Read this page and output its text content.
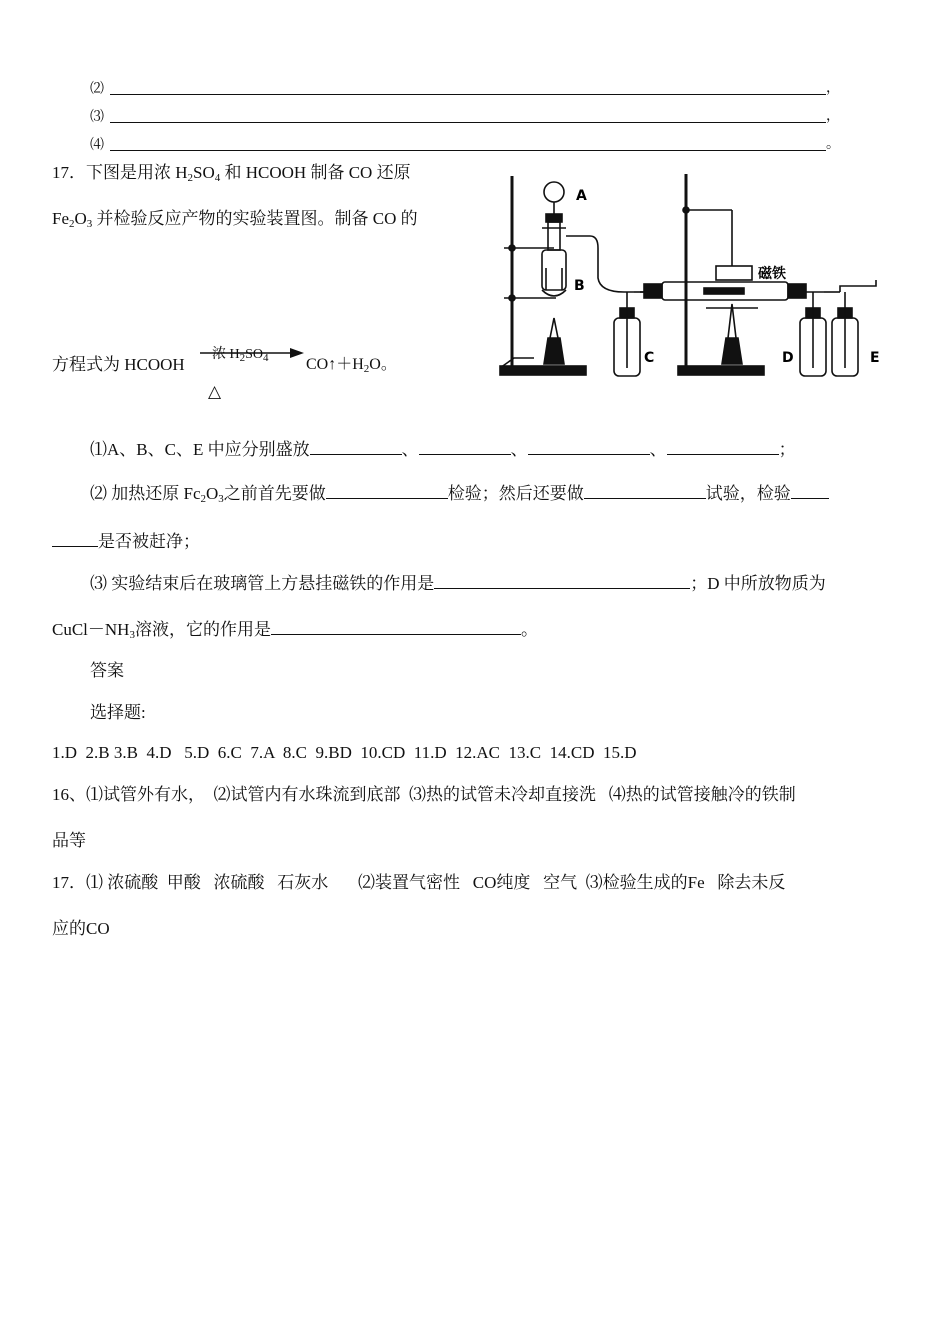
⑵	，
⑶	，
⑷	。
17．下图是用浓 $H_2SO_4$ 和 HCOOH 制备 CO 还原
$Fe_2O_3$ 并检验反应产物的实验装置图。制备 CO 的
方程式为 HCOOH
浓 $H_2SO_4$
△
$CO↑+H_2O$。
A
B
C
磁铁
D	E
⑴A、B、C、E 中应分别盛放	、	、	、	；
⑵ 加热还原 $Fc_2O_3$之前首先要做	检验；然后还要做	试验，检验
是否被赶净；
⑶ 实验结束后在玻璃管上方悬挂磁铁的作用是	；D 中所放物质为
$CuCl-NH_3$溶液，它的作用是	。
答案
选择题:
1.D  2.B 3.B  4.D   5.D  6.C  7.A  8.C  9.BD  10.CD  11.D  12.AC  13.C  14.CD  15.D
16、⑴试管外有水，  ⑵试管内有水珠流到底部  ⑶热的试管未冷却直接洗   ⑷热的试管接触冷的铁制
品等
17．⑴ 浓硫酸  甲酸   浓硫酸   石灰水       ⑵装置气密性   CO纯度   空气  ⑶检验生成的Fe   除去未反
应的CO
